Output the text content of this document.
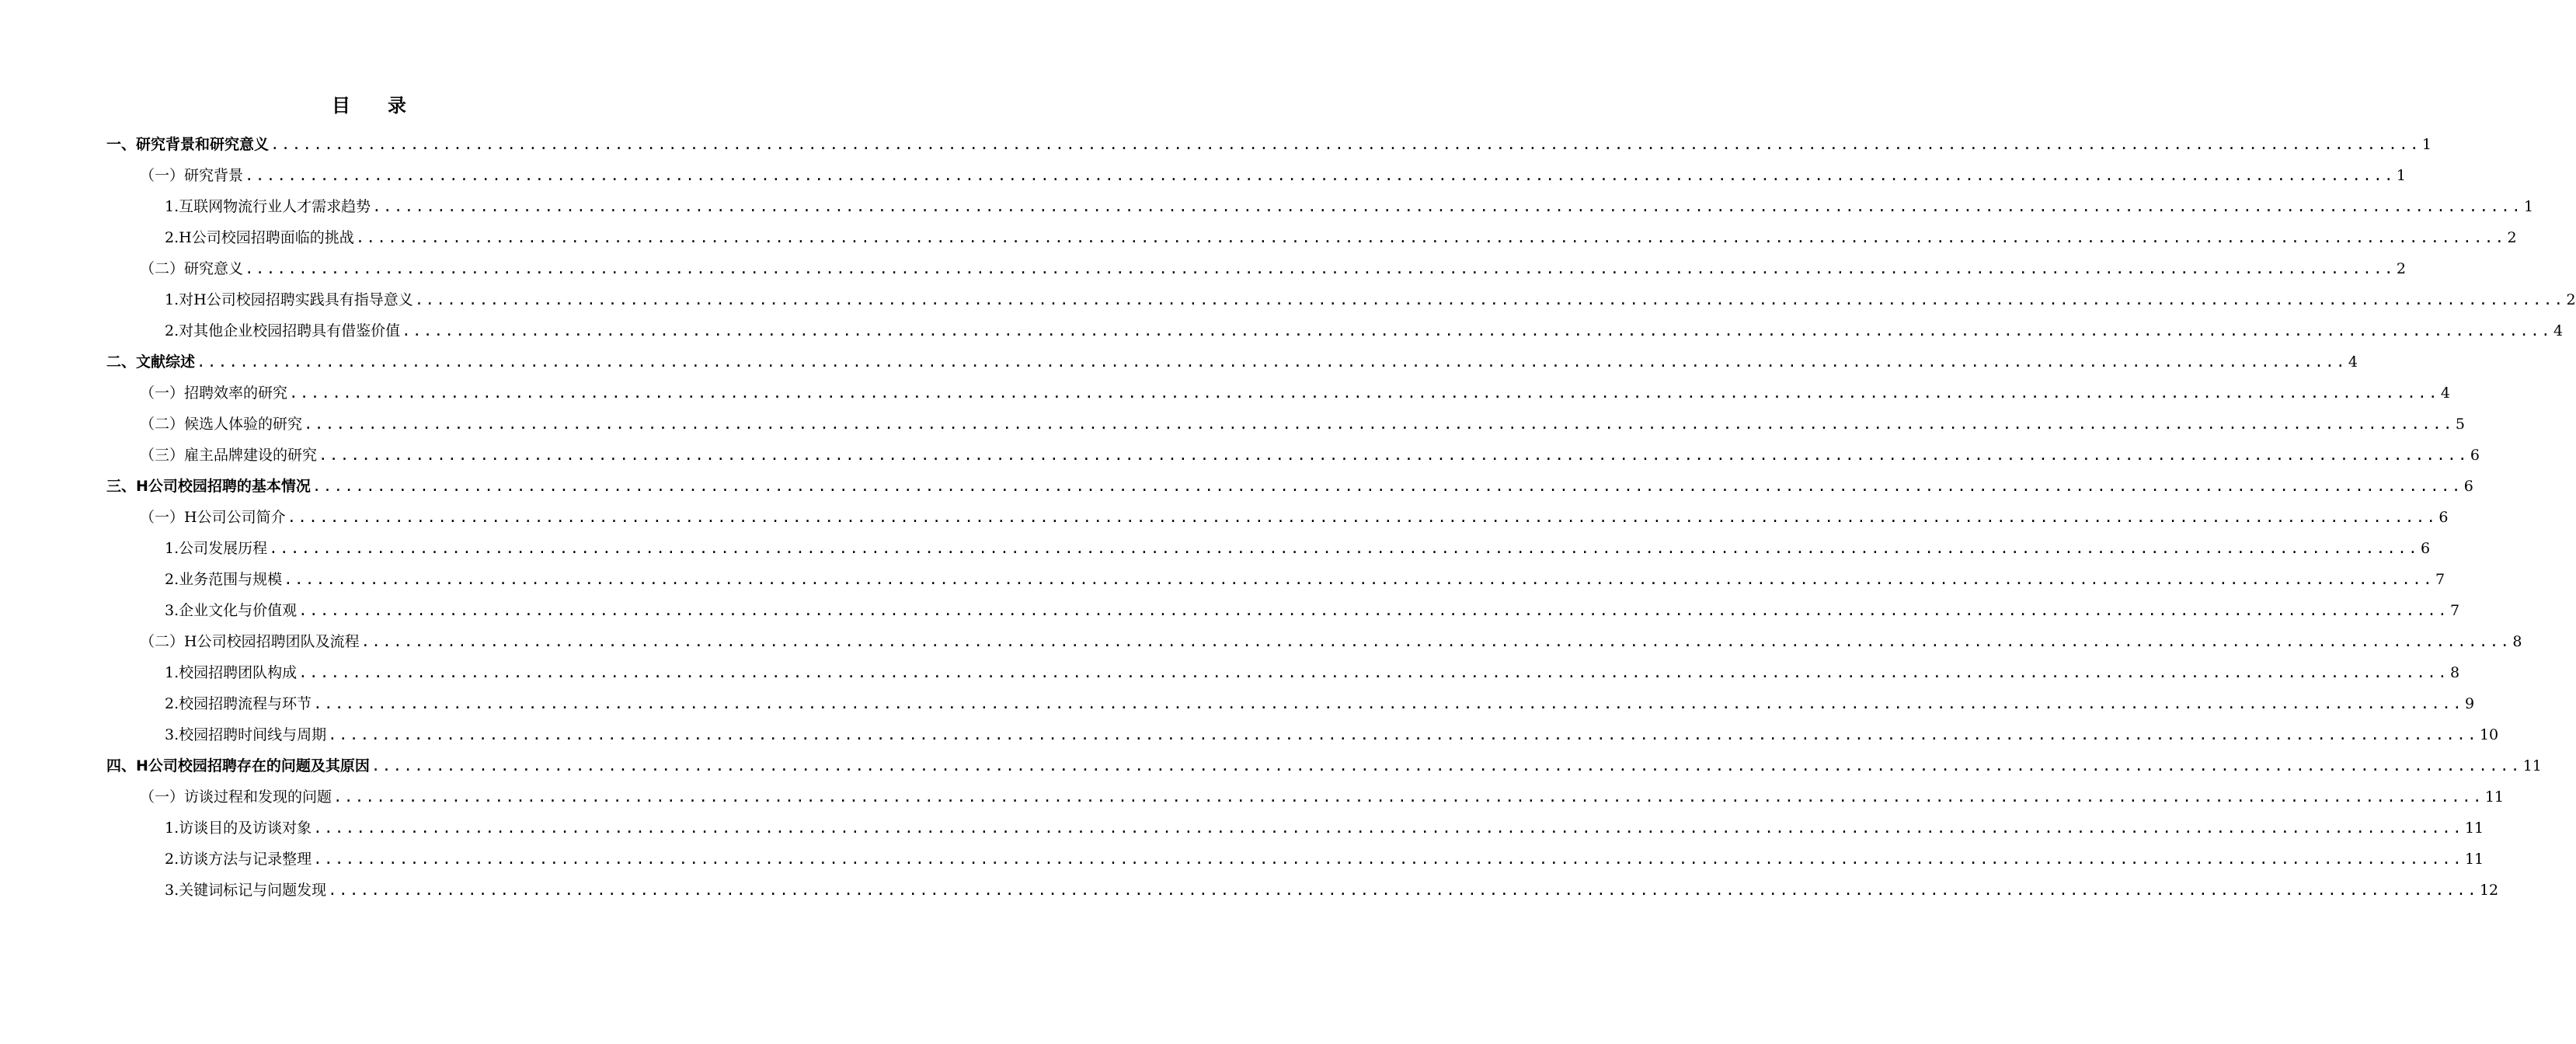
目 录
一、研究背景和研究意义 ........................................................................................................................................................................................................ 1
（一）研究背景 ........................................................................................................................................................................................................ 1
1.互联网物流行业人才需求趋势 ........................................................................................................................................................................................................ 1
2.H公司校园招聘面临的挑战 ........................................................................................................................................................................................................ 2
（二）研究意义 ........................................................................................................................................................................................................ 2
1.对H公司校园招聘实践具有指导意义 ........................................................................................................................................................................................................ 2
2.对其他企业校园招聘具有借鉴价值 ........................................................................................................................................................................................................ 4
二、文献综述 ........................................................................................................................................................................................................ 4
（一）招聘效率的研究 ........................................................................................................................................................................................................ 4
（二）候选人体验的研究 ........................................................................................................................................................................................................ 5
（三）雇主品牌建设的研究 ........................................................................................................................................................................................................ 6
三、H公司校园招聘的基本情况 ........................................................................................................................................................................................................ 6
（一）H公司公司简介 ........................................................................................................................................................................................................ 6
1.公司发展历程 ........................................................................................................................................................................................................ 6
2.业务范围与规模 ........................................................................................................................................................................................................ 7
3.企业文化与价值观 ........................................................................................................................................................................................................ 7
（二）H公司校园招聘团队及流程 ........................................................................................................................................................................................................ 8
1.校园招聘团队构成 ........................................................................................................................................................................................................ 8
2.校园招聘流程与环节 ........................................................................................................................................................................................................ 9
3.校园招聘时间线与周期 ........................................................................................................................................................................................................ 10
四、H公司校园招聘存在的问题及其原因 ........................................................................................................................................................................................................ 11
（一）访谈过程和发现的问题 ........................................................................................................................................................................................................ 11
1.访谈目的及访谈对象 ........................................................................................................................................................................................................ 11
2.访谈方法与记录整理 ........................................................................................................................................................................................................ 11
3.关键词标记与问题发现 ........................................................................................................................................................................................................ 12
